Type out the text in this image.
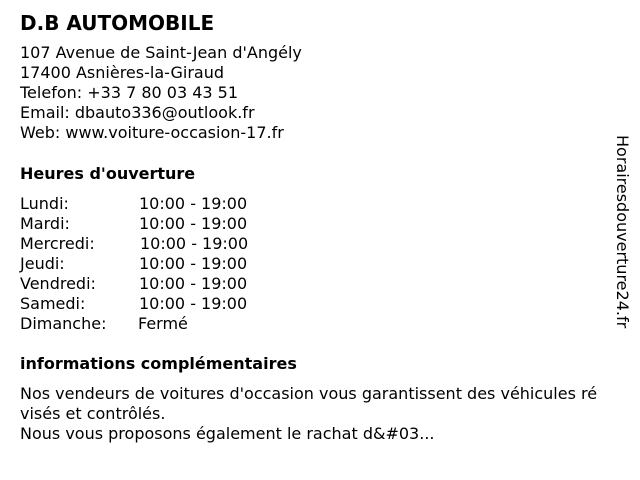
D.B AUTOMOBILE
107 Avenue de Saint-Jean d'Angély
17400 Asnières-la-Giraud
Telefon: +33 7 80 03 43 51
Email: dbauto336@outlook.fr
Web: www.voiture-occasion-17.fr
Heures d'ouverture
Lundi:	10:00 - 19:00
Mardi:	10:00 - 19:00
Mercredi:	10:00 - 19:00
Jeudi:	10:00 - 19:00
Vendredi:	10:00 - 19:00
Samedi:	10:00 - 19:00
Dimanche: Fermé
informations complémentaires
Nos vendeurs de voitures d'occasion vous garantissent des véhicules révisés et contrôlés.
Nous vous proposons également le rachat d&#03...
Horairesdouverture24.fr
